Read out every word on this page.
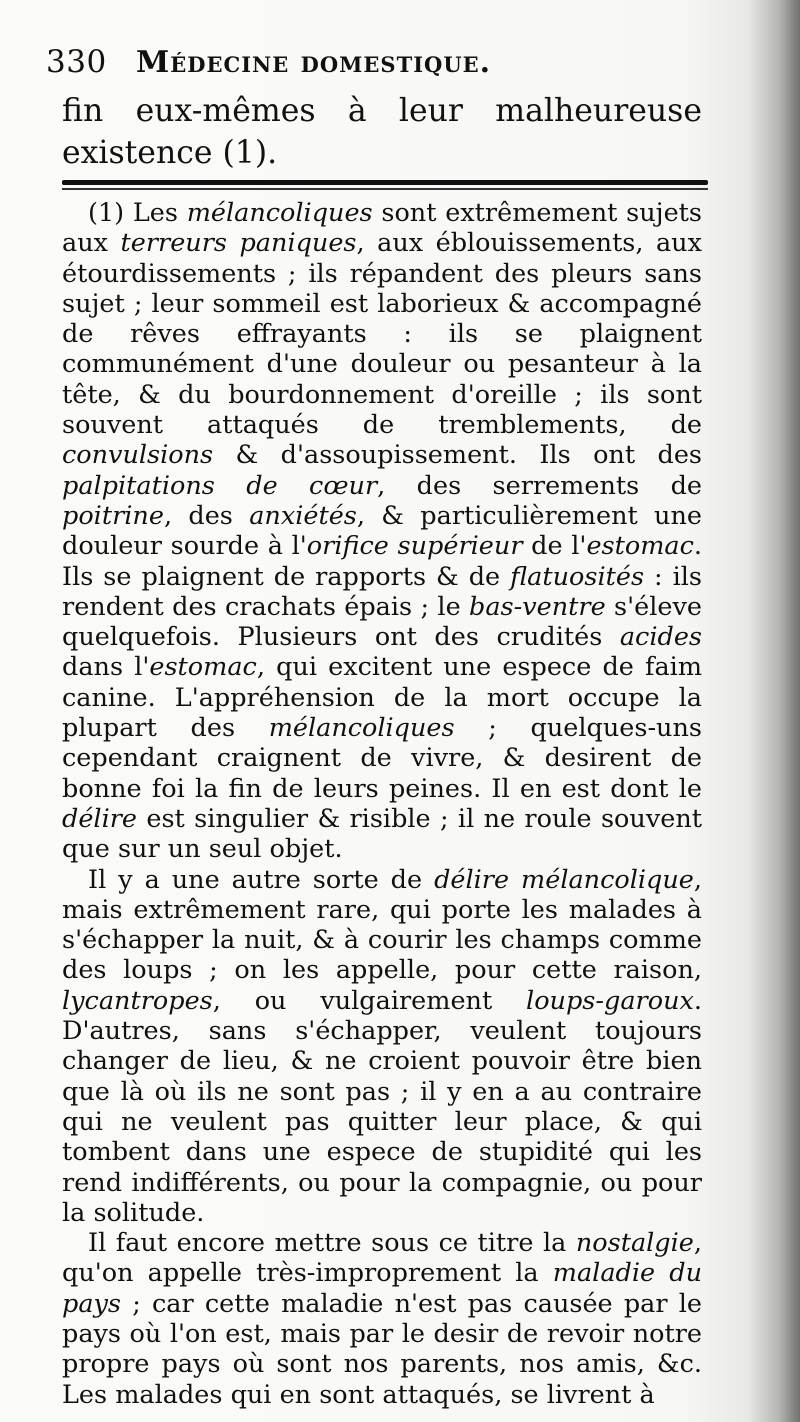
330 Médecine domestique.

fin eux-mêmes à leur malheureuse existence (1).

(1) Les mélancoliques sont extrêmement sujets aux terreurs paniques, aux éblouissements, aux étourdissements ; ils répandent des pleurs sans sujet ; leur sommeil est laborieux & accompagné de rêves effrayants : ils se plaignent communément d'une douleur ou pesanteur à la tête, & du bourdonnement d'oreille ; ils sont souvent attaqués de tremblements, de convulsions & d'assoupissement. Ils ont des palpitations de cœur, des serrements de poitrine, des anxiétés, & particulièrement une douleur sourde à l'orifice supérieur de l'estomac. Ils se plaignent de rapports & de flatuosités : ils rendent des crachats épais ; le bas-ventre s'éleve quelquefois. Plusieurs ont des crudités acides dans l'estomac, qui excitent une espece de faim canine. L'appréhension de la mort occupe la plupart des mélancoliques ; quelques-uns cependant craignent de vivre, & desirent de bonne foi la fin de leurs peines. Il en est dont le délire est singulier & risible ; il ne roule souvent que sur un seul objet.

Il y a une autre sorte de délire mélancolique, mais extrêmement rare, qui porte les malades à s'échapper la nuit, & à courir les champs comme des loups ; on les appelle, pour cette raison, lycantropes, ou vulgairement loups-garoux. D'autres, sans s'échapper, veulent toujours changer de lieu, & ne croient pouvoir être bien que là où ils ne sont pas ; il y en a au contraire qui ne veulent pas quitter leur place, & qui tombent dans une espece de stupidité qui les rend indifférents, ou pour la compagnie, ou pour la solitude.

Il faut encore mettre sous ce titre la nostalgie, qu'on appelle très-improprement la maladie du pays ; car cette maladie n'est pas causée par le pays où l'on est, mais par le desir de revoir notre propre pays où sont nos parents, nos amis, &c. Les malades qui en sont attaqués, se livrent à
